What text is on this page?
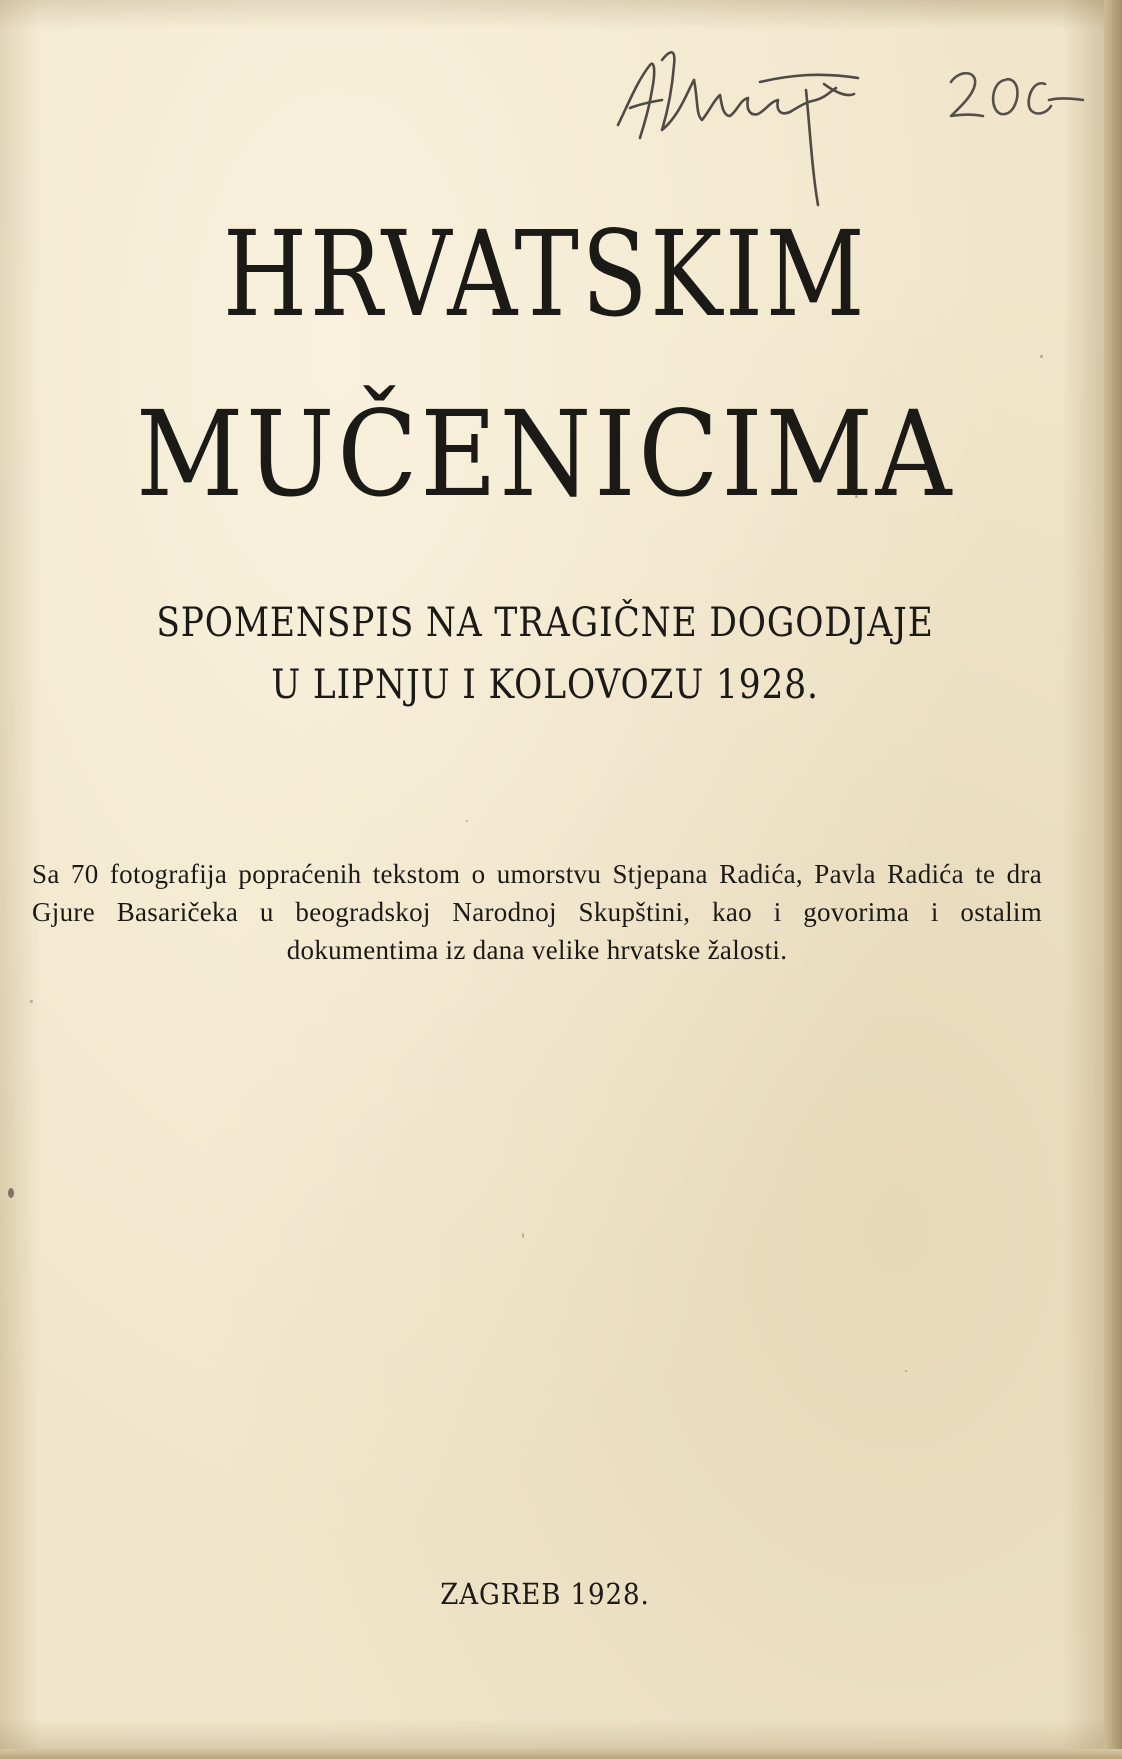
HRVATSKIM
MUČENICIMA
SPOMENSPIS NA TRAGIČNE DOGODJAJE
U LIPNJU I KOLOVOZU 1928.

Sa 70 fotografija popraćenih tekstom o umorstvu Stjepana Radića, Pavla Radića te dra Gjure Basaričeka u beogradskoj Narodnoj Skupštini, kao i govorima i ostalim dokumentima iz dana velike hrvatske žalosti.

ZAGREB 1928.
